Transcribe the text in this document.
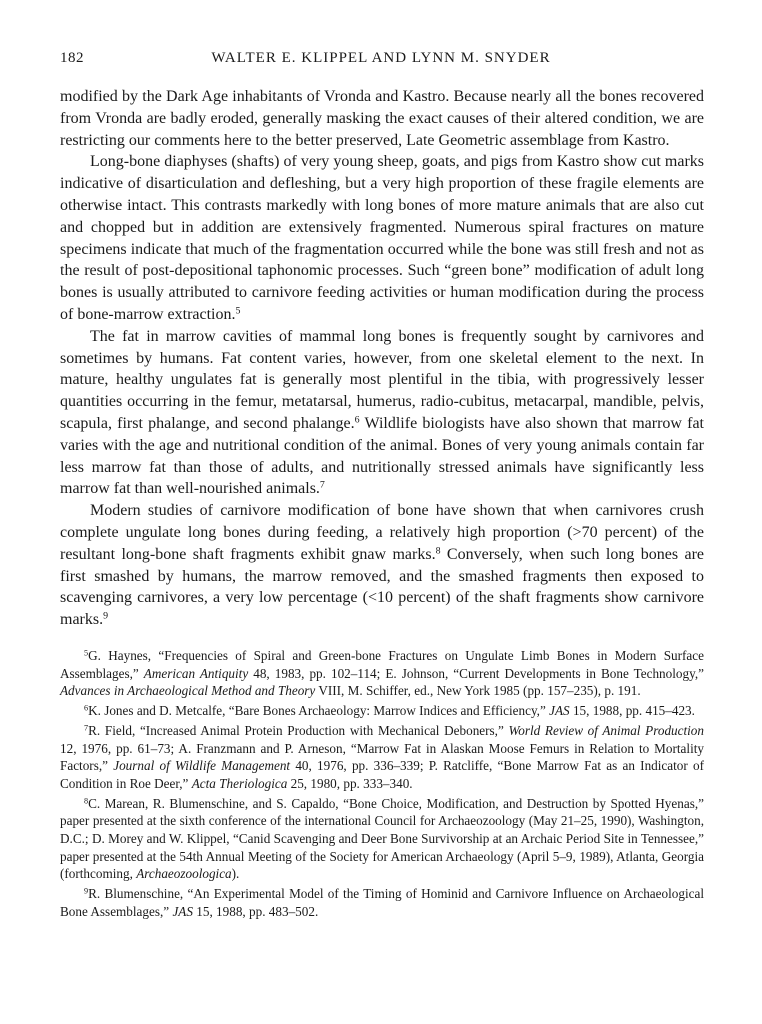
182	WALTER E. KLIPPEL AND LYNN M. SNYDER

modified by the Dark Age inhabitants of Vronda and Kastro. Because nearly all the bones recovered from Vronda are badly eroded, generally masking the exact causes of their altered condition, we are restricting our comments here to the better preserved, Late Geometric assemblage from Kastro.

Long-bone diaphyses (shafts) of very young sheep, goats, and pigs from Kastro show cut marks indicative of disarticulation and defleshing, but a very high proportion of these fragile elements are otherwise intact. This contrasts markedly with long bones of more mature animals that are also cut and chopped but in addition are extensively fragmented. Numerous spiral fractures on mature specimens indicate that much of the fragmentation occurred while the bone was still fresh and not as the result of post-depositional taphonomic processes. Such “green bone” modification of adult long bones is usually attributed to carnivore feeding activities or human modification during the process of bone-marrow extraction.$^5$

The fat in marrow cavities of mammal long bones is frequently sought by carnivores and sometimes by humans. Fat content varies, however, from one skeletal element to the next. In mature, healthy ungulates fat is generally most plentiful in the tibia, with progressively lesser quantities occurring in the femur, metatarsal, humerus, radio-cubitus, metacarpal, mandible, pelvis, scapula, first phalange, and second phalange.$^6$ Wildlife biologists have also shown that marrow fat varies with the age and nutritional condition of the animal. Bones of very young animals contain far less marrow fat than those of adults, and nutritionally stressed animals have significantly less marrow fat than well-nourished animals.$^7$

Modern studies of carnivore modification of bone have shown that when carnivores crush complete ungulate long bones during feeding, a relatively high proportion (>70 percent) of the resultant long-bone shaft fragments exhibit gnaw marks.$^8$ Conversely, when such long bones are first smashed by humans, the marrow removed, and the smashed fragments then exposed to scavenging carnivores, a very low percentage (<10 percent) of the shaft fragments show carnivore marks.$^9$

$^5$G. Haynes, “Frequencies of Spiral and Green-bone Fractures on Ungulate Limb Bones in Modern Surface Assemblages,” American Antiquity 48, 1983, pp. 102–114; E. Johnson, “Current Developments in Bone Technology,” Advances in Archaeological Method and Theory VIII, M. Schiffer, ed., New York 1985 (pp. 157–235), p. 191.

$^6$K. Jones and D. Metcalfe, “Bare Bones Archaeology: Marrow Indices and Efficiency,” JAS 15, 1988, pp. 415–423.

$^7$R. Field, “Increased Animal Protein Production with Mechanical Deboners,” World Review of Animal Production 12, 1976, pp. 61–73; A. Franzmann and P. Arneson, “Marrow Fat in Alaskan Moose Femurs in Relation to Mortality Factors,” Journal of Wildlife Management 40, 1976, pp. 336–339; P. Ratcliffe, “Bone Marrow Fat as an Indicator of Condition in Roe Deer,” Acta Theriologica 25, 1980, pp. 333–340.

$^8$C. Marean, R. Blumenschine, and S. Capaldo, “Bone Choice, Modification, and Destruction by Spotted Hyenas,” paper presented at the sixth conference of the international Council for Archaeozoology (May 21–25, 1990), Washington, D.C.; D. Morey and W. Klippel, “Canid Scavenging and Deer Bone Survivorship at an Archaic Period Site in Tennessee,” paper presented at the 54th Annual Meeting of the Society for American Archaeology (April 5–9, 1989), Atlanta, Georgia (forthcoming, Archaeozoologica).

$^9$R. Blumenschine, “An Experimental Model of the Timing of Hominid and Carnivore Influence on Archaeological Bone Assemblages,” JAS 15, 1988, pp. 483–502.
